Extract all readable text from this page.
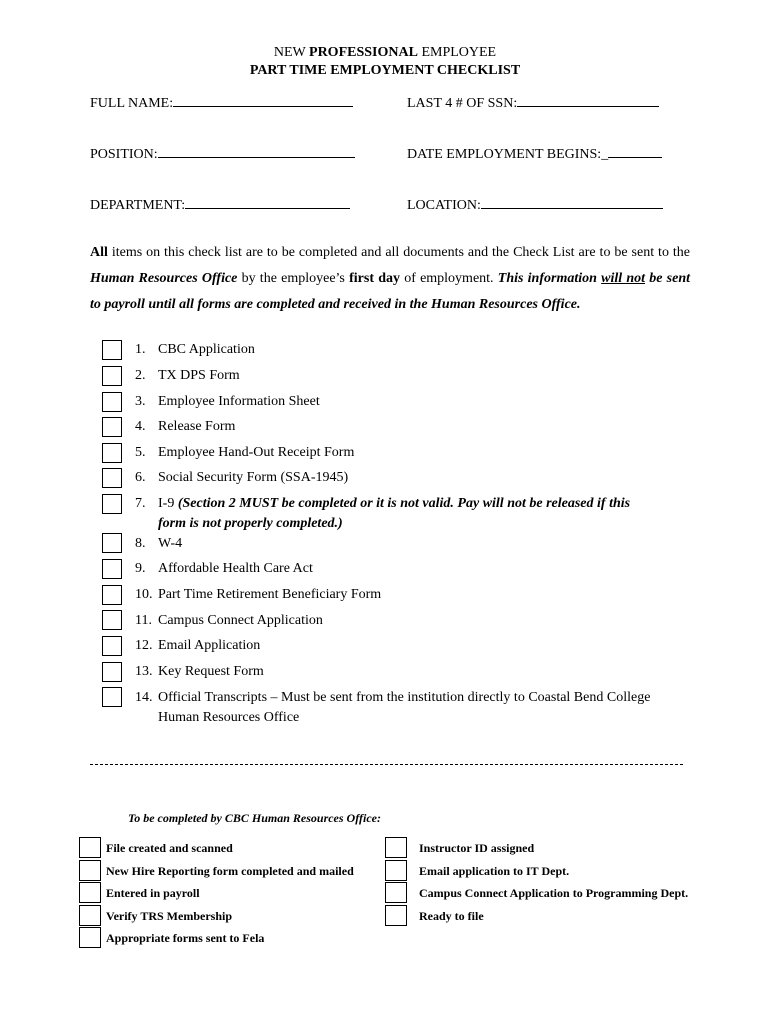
NEW PROFESSIONAL EMPLOYEE
PART TIME EMPLOYMENT CHECKLIST
FULL NAME:	LAST 4 # OF SSN:
POSITION:	DATE EMPLOYMENT BEGINS:_
DEPARTMENT:	LOCATION:
All items on this check list are to be completed and all documents and the Check List are to be sent to the Human Resources Office by the employee’s first day of employment. This information will not be sent to payroll until all forms are completed and received in the Human Resources Office.
1. CBC Application
2. TX DPS Form
3. Employee Information Sheet
4. Release Form
5. Employee Hand-Out Receipt Form
6. Social Security Form (SSA-1945)
7. I-9 (Section 2 MUST be completed or it is not valid. Pay will not be released if this
form is not properly completed.)
8. W-4
9. Affordable Health Care Act
10. Part Time Retirement Beneficiary Form
11. Campus Connect Application
12. Email Application
13. Key Request Form
14. Official Transcripts – Must be sent from the institution directly to Coastal Bend College
Human Resources Office
To be completed by CBC Human Resources Office:
File created and scanned
New Hire Reporting form completed and mailed
Entered in payroll
Verify TRS Membership
Appropriate forms sent to Fela
Instructor ID assigned
Email application to IT Dept.
Campus Connect Application to Programming Dept.
Ready to file
